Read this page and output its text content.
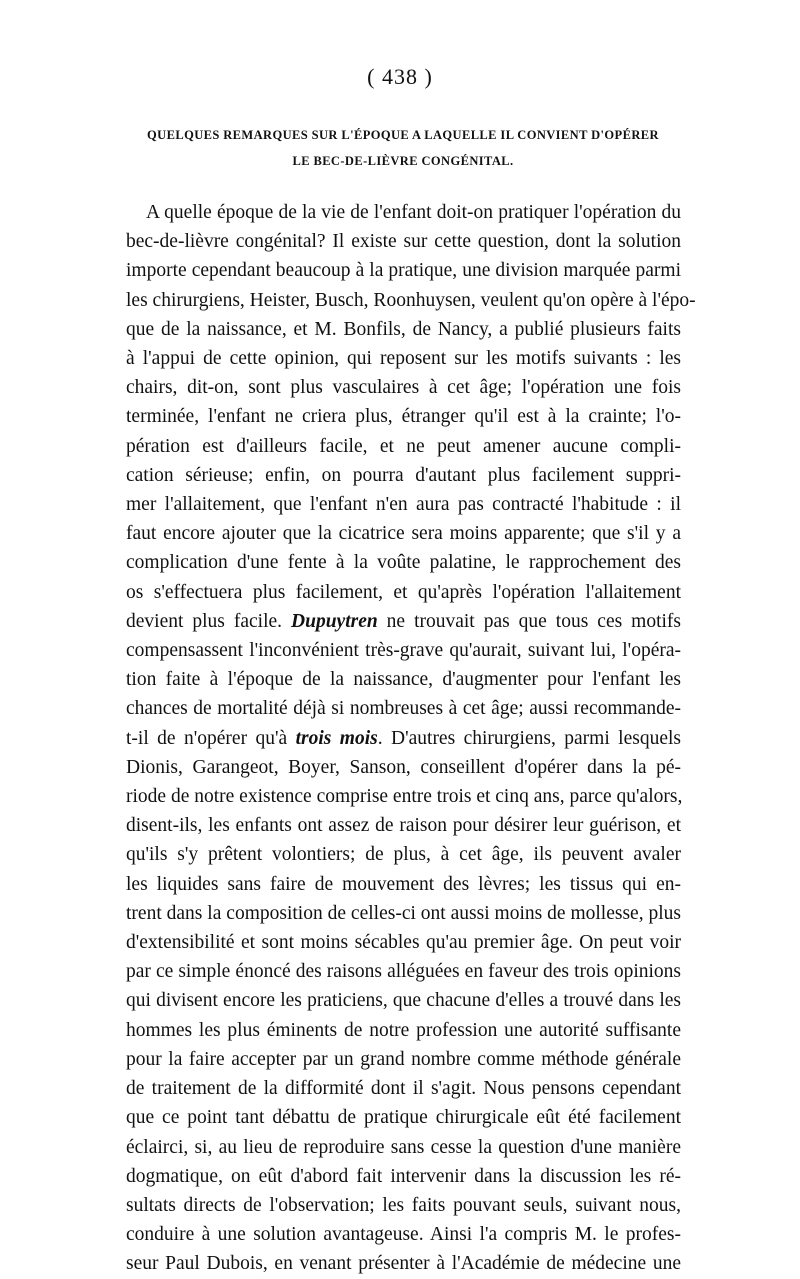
( 438 )
QUELQUES REMARQUES SUR L'ÉPOQUE A LAQUELLE IL CONVIENT D'OPÉRER
LE BEC-DE-LIÈVRE CONGÉNITAL.
A quelle époque de la vie de l'enfant doit-on pratiquer l'opération du
bec-de-lièvre congénital? Il existe sur cette question, dont la solution
importe cependant beaucoup à la pratique, une division marquée parmi
les chirurgiens, Heister, Busch, Roonhuysen, veulent qu'on opère à l'épo-
que de la naissance, et M. Bonfils, de Nancy, a publié plusieurs faits
à l'appui de cette opinion, qui reposent sur les motifs suivants : les
chairs, dit-on, sont plus vasculaires à cet âge; l'opération une fois
terminée, l'enfant ne criera plus, étranger qu'il est à la crainte; l'o-
pération est d'ailleurs facile, et ne peut amener aucune compli-
cation sérieuse; enfin, on pourra d'autant plus facilement suppri-
mer l'allaitement, que l'enfant n'en aura pas contracté l'habitude : il
faut encore ajouter que la cicatrice sera moins apparente; que s'il y a
complication d'une fente à la voûte palatine, le rapprochement des
os s'effectuera plus facilement, et qu'après l'opération l'allaitement
devient plus facile. Dupuytren ne trouvait pas que tous ces motifs
compensassent l'inconvénient très-grave qu'aurait, suivant lui, l'opéra-
tion faite à l'époque de la naissance, d'augmenter pour l'enfant les
chances de mortalité déjà si nombreuses à cet âge; aussi recommande-
t-il de n'opérer qu'à trois mois. D'autres chirurgiens, parmi lesquels
Dionis, Garangeot, Boyer, Sanson, conseillent d'opérer dans la pé-
riode de notre existence comprise entre trois et cinq ans, parce qu'alors,
disent-ils, les enfants ont assez de raison pour désirer leur guérison, et
qu'ils s'y prêtent volontiers; de plus, à cet âge, ils peuvent avaler
les liquides sans faire de mouvement des lèvres; les tissus qui en-
trent dans la composition de celles-ci ont aussi moins de mollesse, plus
d'extensibilité et sont moins sécables qu'au premier âge. On peut voir
par ce simple énoncé des raisons alléguées en faveur des trois opinions
qui divisent encore les praticiens, que chacune d'elles a trouvé dans les
hommes les plus éminents de notre profession une autorité suffisante
pour la faire accepter par un grand nombre comme méthode générale
de traitement de la difformité dont il s'agit. Nous pensons cependant
que ce point tant débattu de pratique chirurgicale eût été facilement
éclairci, si, au lieu de reproduire sans cesse la question d'une manière
dogmatique, on eût d'abord fait intervenir dans la discussion les ré-
sultats directs de l'observation; les faits pouvant seuls, suivant nous,
conduire à une solution avantageuse. Ainsi l'a compris M. le profes-
seur Paul Dubois, en venant présenter à l'Académie de médecine une
